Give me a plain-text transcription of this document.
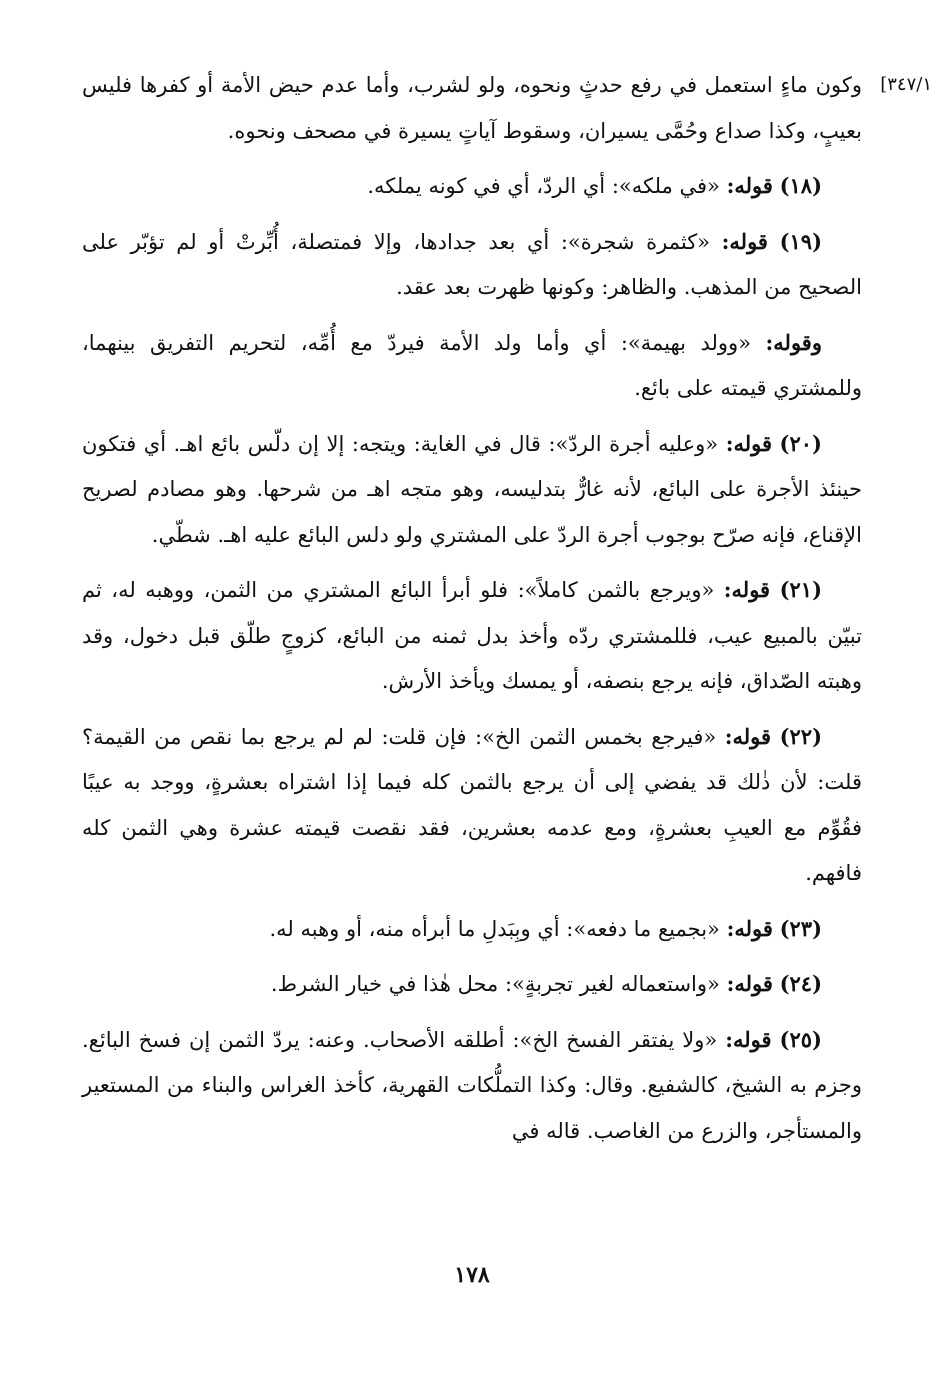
[٣٤٧/١

وكون ماءٍ استعمل في رفع حدثٍ ونحوه، ولو لشرب، وأما عدم حيض الأمة أو كفرها فليس بعيبٍ، وكذا صداع وحُمَّى يسيران، وسقوط آياتٍ يسيرة في مصحف ونحوه.

(١٨) قوله: «في ملكه»: أي الردّ، أي في كونه يملكه.

(١٩) قوله: «كثمرة شجرة»: أي بعد جدادها، وإلا فمتصلة، أُبِّرتْ أو لم تؤبّر على الصحيح من المذهب. والظاهر: وكونها ظهرت بعد عقد.

وقوله: «وولد بهيمة»: أي وأما ولد الأمة فيردّ مع أُمِّه، لتحريم التفريق بينهما، وللمشتري قيمته على بائع.

(٢٠) قوله: «وعليه أجرة الردّ»: قال في الغاية: ويتجه: إلا إن دلّس بائع اهـ. أي فتكون حينئذ الأجرة على البائع، لأنه غارٌّ بتدليسه، وهو متجه اهـ من شرحها. وهو مصادم لصريح الإقناع، فإنه صرّح بوجوب أجرة الردّ على المشتري ولو دلس البائع عليه اهـ. شطّي.

(٢١) قوله: «ويرجع بالثمن كاملاً»: فلو أبرأ البائع المشتري من الثمن، ووهبه له، ثم تبيّن بالمبيع عيب، فللمشتري ردّه وأخذ بدل ثمنه من البائع، كزوجٍ طلّق قبل دخول، وقد وهبته الصّداق، فإنه يرجع بنصفه، أو يمسك ويأخذ الأرش.

(٢٢) قوله: «فيرجع بخمس الثمن الخ»: فإن قلت: لم لم يرجع بما نقص من القيمة؟ قلت: لأن ذٰلك قد يفضي إلى أن يرجع بالثمن كله فيما إذا اشتراه بعشرةٍ، ووجد به عيبًا فقُوِّم مع العيبِ بعشرةٍ، ومع عدمه بعشرين، فقد نقصت قيمته عشرة وهي الثمن كله فافهم.

(٢٣) قوله: «بجميع ما دفعه»: أي وبِبَدلِ ما أبرأه منه، أو وهبه له.

(٢٤) قوله: «واستعماله لغير تجربةٍ»: محل هٰذا في خيار الشرط.

(٢٥) قوله: «ولا يفتقر الفسخ الخ»: أطلقه الأصحاب. وعنه: يردّ الثمن إن فسخ البائع. وجزم به الشيخ، كالشفيع. وقال: وكذا التملُّكات القهرية، كأخذ الغراس والبناء من المستعير والمستأجر، والزرع من الغاصب. قاله في

١٧٨
